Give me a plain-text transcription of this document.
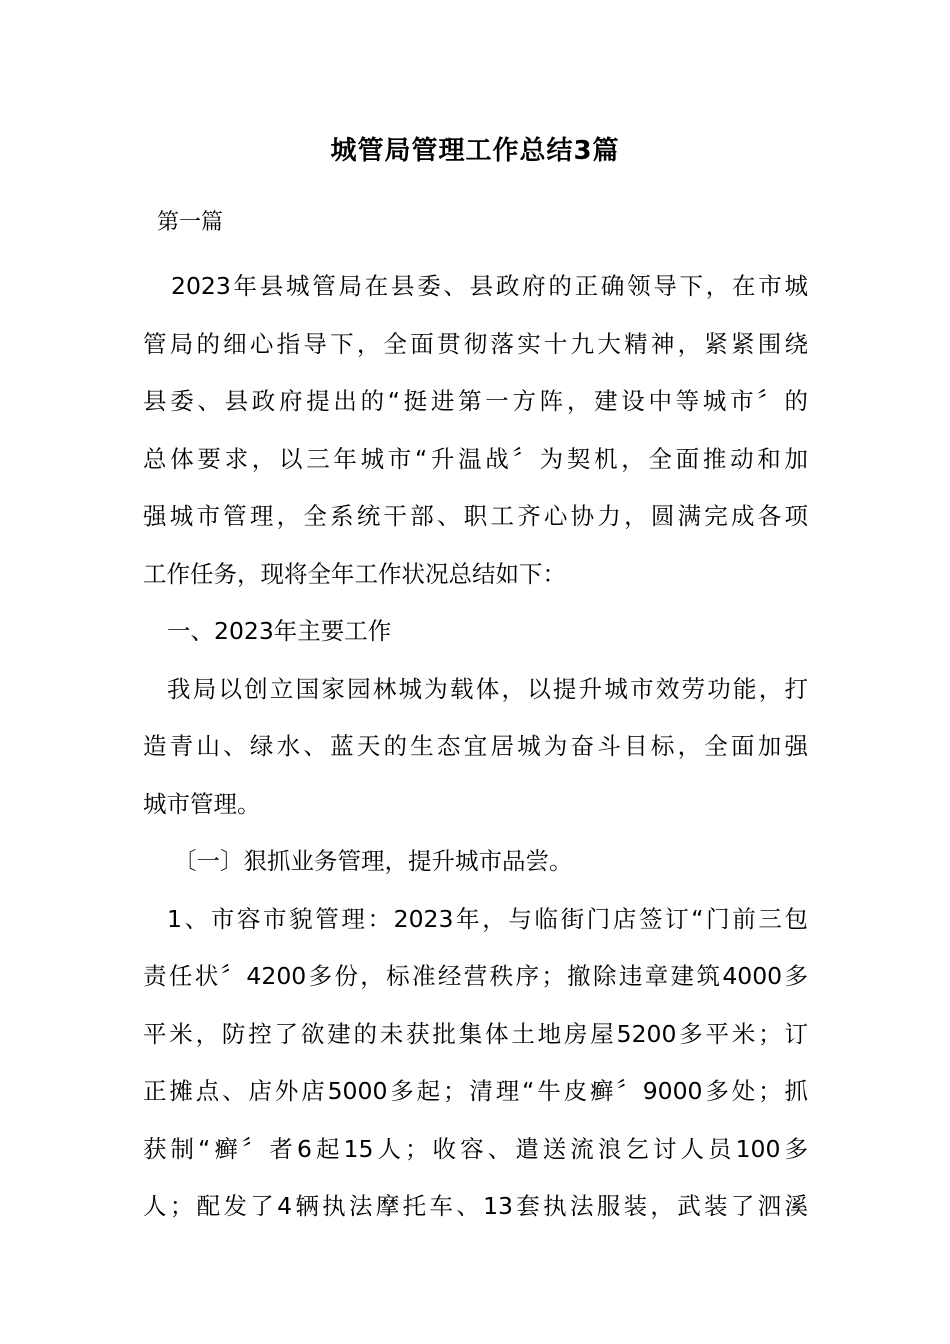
城管局管理工作总结3篇
第一篇

2023年县城管局在县委、县政府的正确领导下，在市城
管局的细心指导下，全面贯彻落实十九大精神，紧紧围绕
县委、县政府提出的“挺进第一方阵，建设中等城市〞的
总体要求，以三年城市“升温战〞为契机，全面推动和加
强城市管理，全系统干部、职工齐心协力，圆满完成各项
工作任务，现将全年工作状况总结如下：

一、2023年主要工作

我局以创立国家园林城为载体，以提升城市效劳功能，打
造青山、绿水、蓝天的生态宜居城为奋斗目标，全面加强
城市管理。

〔一〕狠抓业务管理，提升城市品尝。

1、市容市貌管理：2023年，与临街门店签订“门前三包
责任状〞4200多份，标准经营秩序；撤除违章建筑4000多
平米，防控了欲建的未获批集体土地房屋5200多平米；订
正摊点、店外店5000多起；清理“牛皮癣〞9000多处；抓
获制“癣〞者6起15人；收容、遣送流浪乞讨人员100多
人；配发了4辆执法摩托车、13套执法服装，武装了泗溪
